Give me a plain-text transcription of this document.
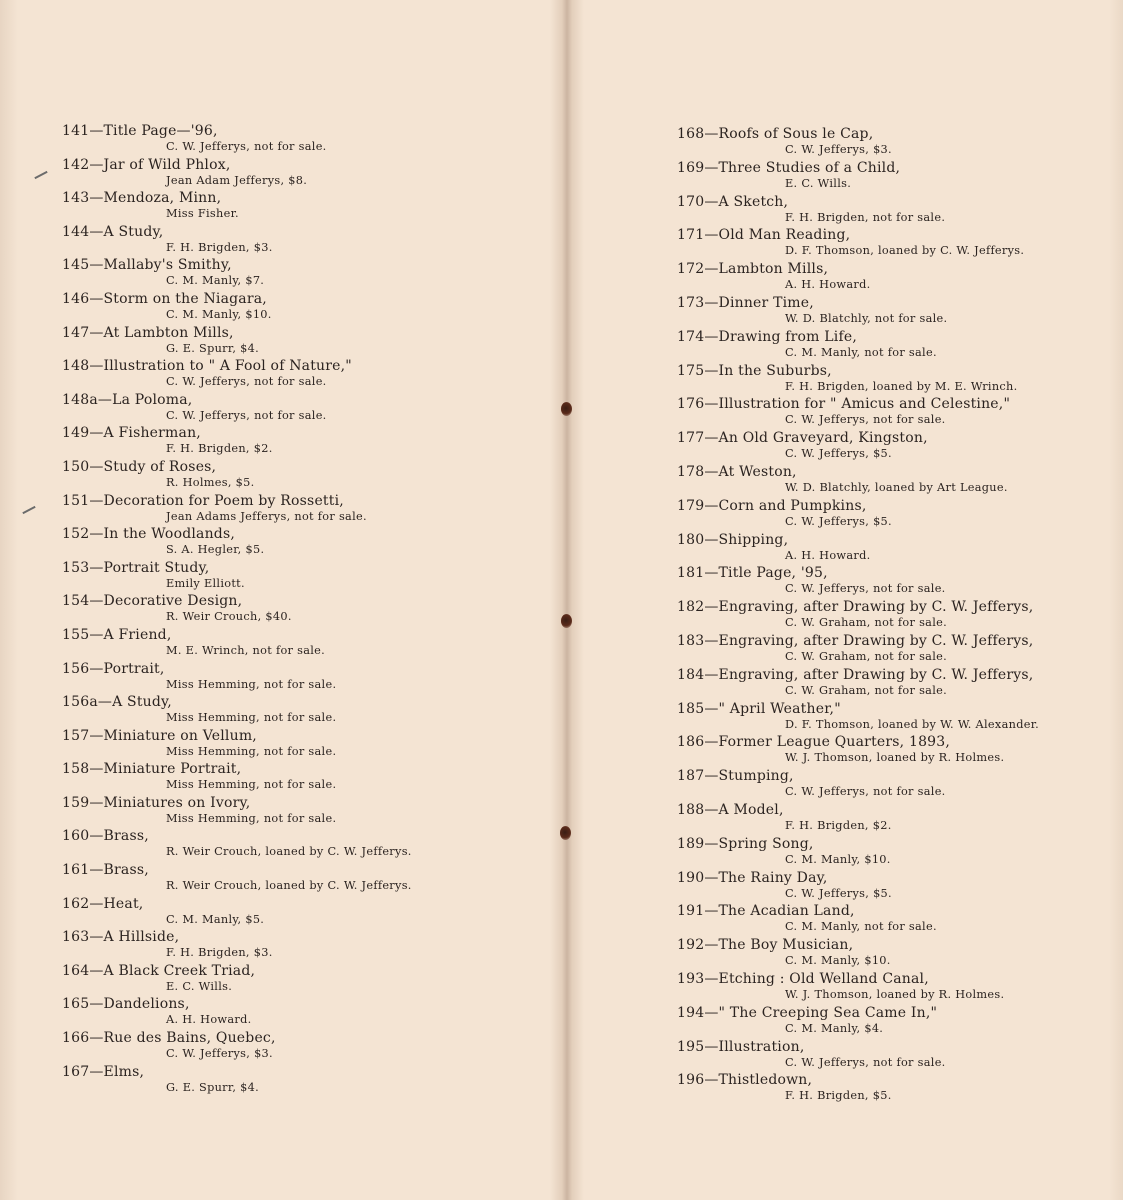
141—Title Page—'96,
C. W. Jefferys, not for sale.
142—Jar of Wild Phlox,
Jean Adam Jefferys, $8.
143—Mendoza, Minn,
Miss Fisher.
144—A Study,
F. H. Brigden, $3.
145—Mallaby's Smithy,
C. M. Manly, $7.
146—Storm on the Niagara,
C. M. Manly, $10.
147—At Lambton Mills,
G. E. Spurr, $4.
148—Illustration to " A Fool of Nature,"
C. W. Jefferys, not for sale.
148a—La Poloma,
C. W. Jefferys, not for sale.
149—A Fisherman,
F. H. Brigden, $2.
150—Study of Roses,
R. Holmes, $5.
151—Decoration for Poem by Rossetti,
Jean Adams Jefferys, not for sale.
152—In the Woodlands,
S. A. Hegler, $5.
153—Portrait Study,
Emily Elliott.
154—Decorative Design,
R. Weir Crouch, $40.
155—A Friend,
M. E. Wrinch, not for sale.
156—Portrait,
Miss Hemming, not for sale.
156a—A Study,
Miss Hemming, not for sale.
157—Miniature on Vellum,
Miss Hemming, not for sale.
158—Miniature Portrait,
Miss Hemming, not for sale.
159—Miniatures on Ivory,
Miss Hemming, not for sale.
160—Brass,
R. Weir Crouch, loaned by C. W. Jefferys.
161—Brass,
R. Weir Crouch, loaned by C. W. Jefferys.
162—Heat,
C. M. Manly, $5.
163—A Hillside,
F. H. Brigden, $3.
164—A Black Creek Triad,
E. C. Wills.
165—Dandelions,
A. H. Howard.
166—Rue des Bains, Quebec,
C. W. Jefferys, $3.
167—Elms,
G. E. Spurr, $4.
168—Roofs of Sous le Cap,
C. W. Jefferys, $3.
169—Three Studies of a Child,
E. C. Wills.
170—A Sketch,
F. H. Brigden, not for sale.
171—Old Man Reading,
D. F. Thomson, loaned by C. W. Jefferys.
172—Lambton Mills,
A. H. Howard.
173—Dinner Time,
W. D. Blatchly, not for sale.
174—Drawing from Life,
C. M. Manly, not for sale.
175—In the Suburbs,
F. H. Brigden, loaned by M. E. Wrinch.
176—Illustration for " Amicus and Celestine,"
C. W. Jefferys, not for sale.
177—An Old Graveyard, Kingston,
C. W. Jefferys, $5.
178—At Weston,
W. D. Blatchly, loaned by Art League.
179—Corn and Pumpkins,
C. W. Jefferys, $5.
180—Shipping,
A. H. Howard.
181—Title Page, '95,
C. W. Jefferys, not for sale.
182—Engraving, after Drawing by C. W. Jefferys,
C. W. Graham, not for sale.
183—Engraving, after Drawing by C. W. Jefferys,
C. W. Graham, not for sale.
184—Engraving, after Drawing by C. W. Jefferys,
C. W. Graham, not for sale.
185—" April Weather,"
D. F. Thomson, loaned by W. W. Alexander.
186—Former League Quarters, 1893,
W. J. Thomson, loaned by R. Holmes.
187—Stumping,
C. W. Jefferys, not for sale.
188—A Model,
F. H. Brigden, $2.
189—Spring Song,
C. M. Manly, $10.
190—The Rainy Day,
C. W. Jefferys, $5.
191—The Acadian Land,
C. M. Manly, not for sale.
192—The Boy Musician,
C. M. Manly, $10.
193—Etching : Old Welland Canal,
W. J. Thomson, loaned by R. Holmes.
194—" The Creeping Sea Came In,"
C. M. Manly, $4.
195—Illustration,
C. W. Jefferys, not for sale.
196—Thistledown,
F. H. Brigden, $5.
